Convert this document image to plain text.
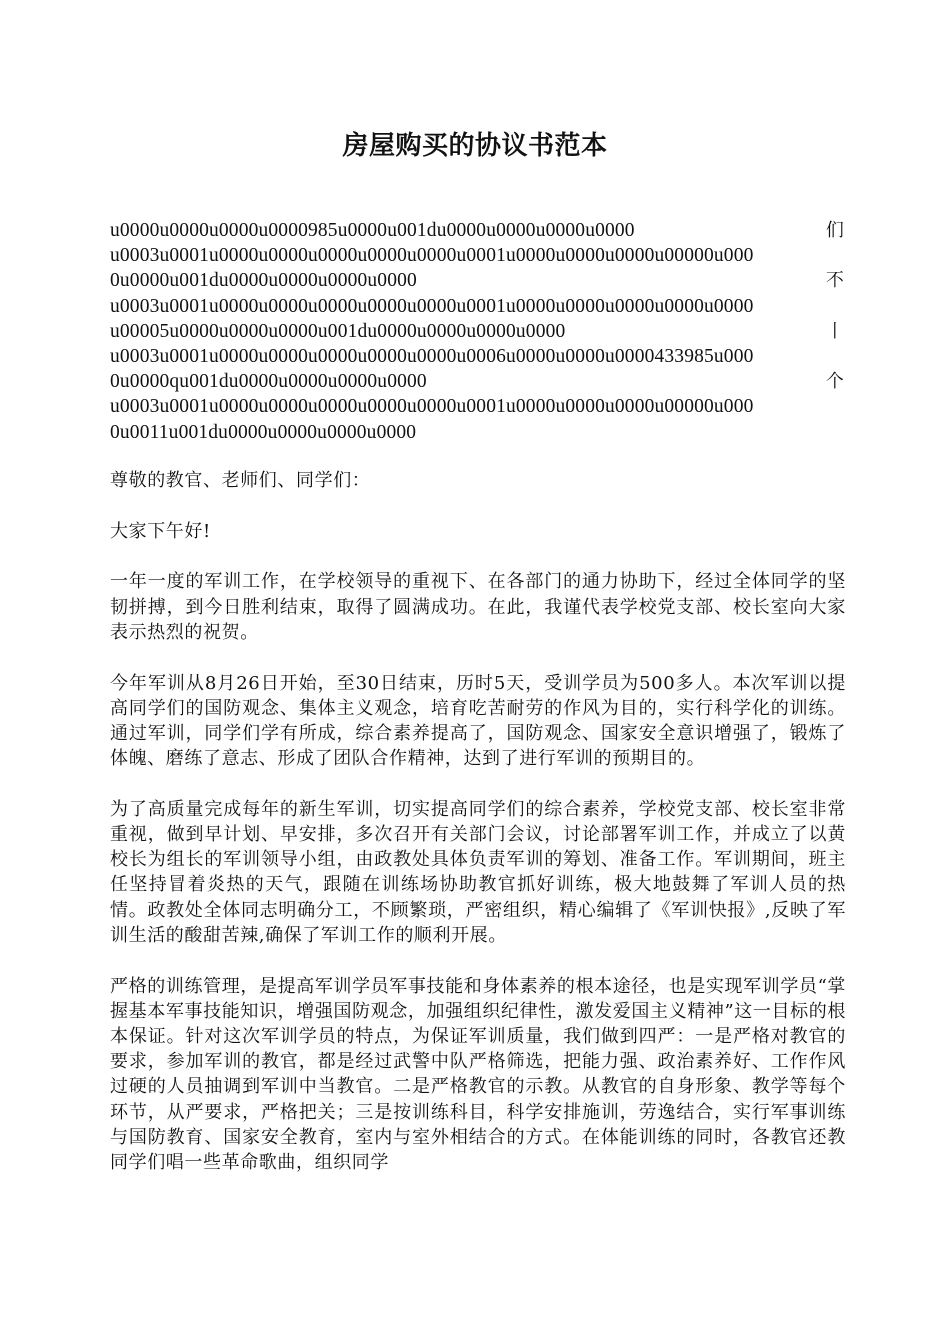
房屋购买的协议书范本
u0000u0000u0000u0000985u0000u001du0000u0000u0000u0000	们
u0003u0001u0000u0000u0000u0000u0000u0001u0000u0000u0000u00000u000
0u0000u001du0000u0000u0000u0000	不
u0003u0001u0000u0000u0000u0000u0000u0001u0000u0000u0000u0000u0000
u00005u0000u0000u0000u001du0000u0000u0000u0000	丨
u0003u0001u0000u0000u0000u0000u0000u0006u0000u0000u0000433985u000
0u0000qu001du0000u0000u0000u0000	个
u0003u0001u0000u0000u0000u0000u0000u0001u0000u0000u0000u00000u000
0u0011u001du0000u0000u0000u0000

尊敬的教官、老师们、同学们：

大家下午好!

一年一度的军训工作，在学校领导的重视下、在各部门的通力协助下，经过全体同学的坚韧拼搏，到今日胜利结束，取得了圆满成功。在此，我谨代表学校党支部、校长室向大家表示热烈的祝贺。

今年军训从8月26日开始，至30日结束，历时5天，受训学员为500多人。本次军训以提高同学们的国防观念、集体主义观念，培育吃苦耐劳的作风为目的，实行科学化的训练。通过军训，同学们学有所成，综合素养提高了，国防观念、国家安全意识增强了，锻炼了体魄、磨练了意志、形成了团队合作精神，达到了进行军训的预期目的。

为了高质量完成每年的新生军训，切实提高同学们的综合素养，学校党支部、校长室非常重视，做到早计划、早安排，多次召开有关部门会议，讨论部署军训工作，并成立了以黄校长为组长的军训领导小组，由政教处具体负责军训的筹划、准备工作。军训期间，班主任坚持冒着炎热的天气，跟随在训练场协助教官抓好训练，极大地鼓舞了军训人员的热情。政教处全体同志明确分工，不顾繁琐，严密组织，精心编辑了《军训快报》,反映了军训生活的酸甜苦辣,确保了军训工作的顺利开展。

严格的训练管理，是提高军训学员军事技能和身体素养的根本途径，也是实现军训学员“掌握基本军事技能知识，增强国防观念，加强组织纪律性，激发爱国主义精神”这一目标的根本保证。针对这次军训学员的特点，为保证军训质量，我们做到四严：一是严格对教官的要求，参加军训的教官，都是经过武警中队严格筛选，把能力强、政治素养好、工作作风过硬的人员抽调到军训中当教官。二是严格教官的示教。从教官的自身形象、教学等每个环节，从严要求，严格把关；三是按训练科目，科学安排施训，劳逸结合，实行军事训练与国防教育、国家安全教育，室内与室外相结合的方式。在体能训练的同时，各教官还教同学们唱一些革命歌曲，组织同学
